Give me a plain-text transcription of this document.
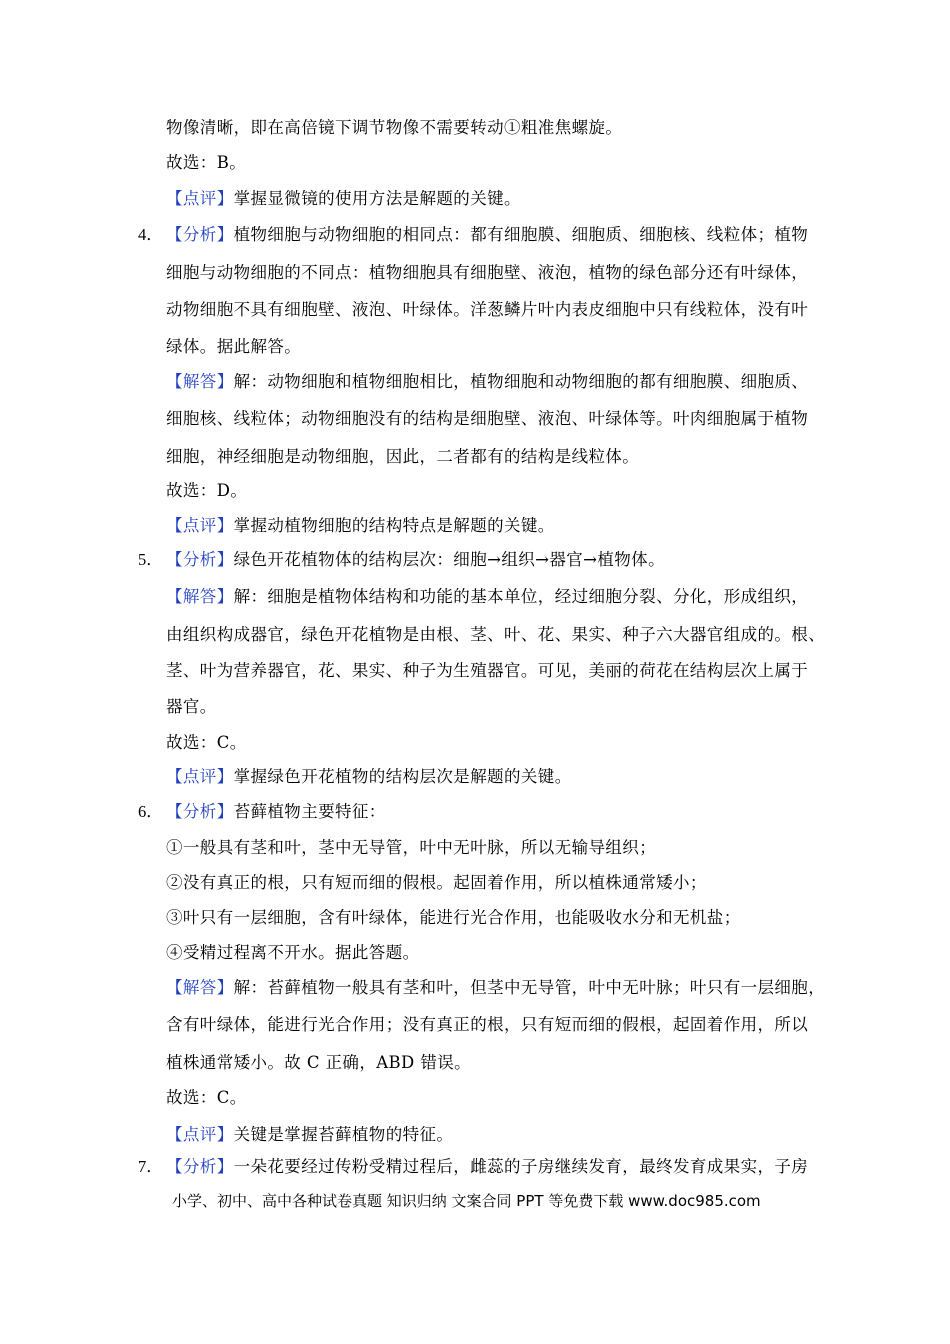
物像清晰，即在高倍镜下调节物像不需要转动①粗准焦螺旋。
故选：B。
【点评】掌握显微镜的使用方法是解题的关键。
4． 【分析】植物细胞与动物细胞的相同点：都有细胞膜、细胞质、细胞核、线粒体；植物
细胞与动物细胞的不同点：植物细胞具有细胞壁、液泡，植物的绿色部分还有叶绿体，
动物细胞不具有细胞壁、液泡、叶绿体。洋葱鳞片叶内表皮细胞中只有线粒体，没有叶
绿体。据此解答。
【解答】解：动物细胞和植物细胞相比，植物细胞和动物细胞的都有细胞膜、细胞质、
细胞核、线粒体；动物细胞没有的结构是细胞壁、液泡、叶绿体等。叶肉细胞属于植物
细胞，神经细胞是动物细胞，因此，二者都有的结构是线粒体。
故选：D。
【点评】掌握动植物细胞的结构特点是解题的关键。
5． 【分析】绿色开花植物体的结构层次：细胞→组织→器官→植物体。
【解答】解：细胞是植物体结构和功能的基本单位，经过细胞分裂、分化，形成组织，
由组织构成器官，绿色开花植物是由根、茎、叶、花、果实、种子六大器官组成的。根、
茎、叶为营养器官，花、果实、种子为生殖器官。可见，美丽的荷花在结构层次上属于
器官。
故选：C。
【点评】掌握绿色开花植物的结构层次是解题的关键。
6． 【分析】苔藓植物主要特征：
①一般具有茎和叶，茎中无导管，叶中无叶脉，所以无输导组织；
②没有真正的根，只有短而细的假根。起固着作用，所以植株通常矮小；
③叶只有一层细胞，含有叶绿体，能进行光合作用，也能吸收水分和无机盐；
④受精过程离不开水。据此答题。
【解答】解：苔藓植物一般具有茎和叶，但茎中无导管，叶中无叶脉；叶只有一层细胞，
含有叶绿体，能进行光合作用；没有真正的根，只有短而细的假根，起固着作用，所以
植株通常矮小。故 C 正确，ABD 错误。
故选：C。
【点评】关键是掌握苔藓植物的特征。
7． 【分析】一朵花要经过传粉受精过程后，雌蕊的子房继续发育，最终发育成果实，子房
小学、初中、高中各种试卷真题 知识归纳 文案合同 PPT 等免费下载 www.doc985.com
